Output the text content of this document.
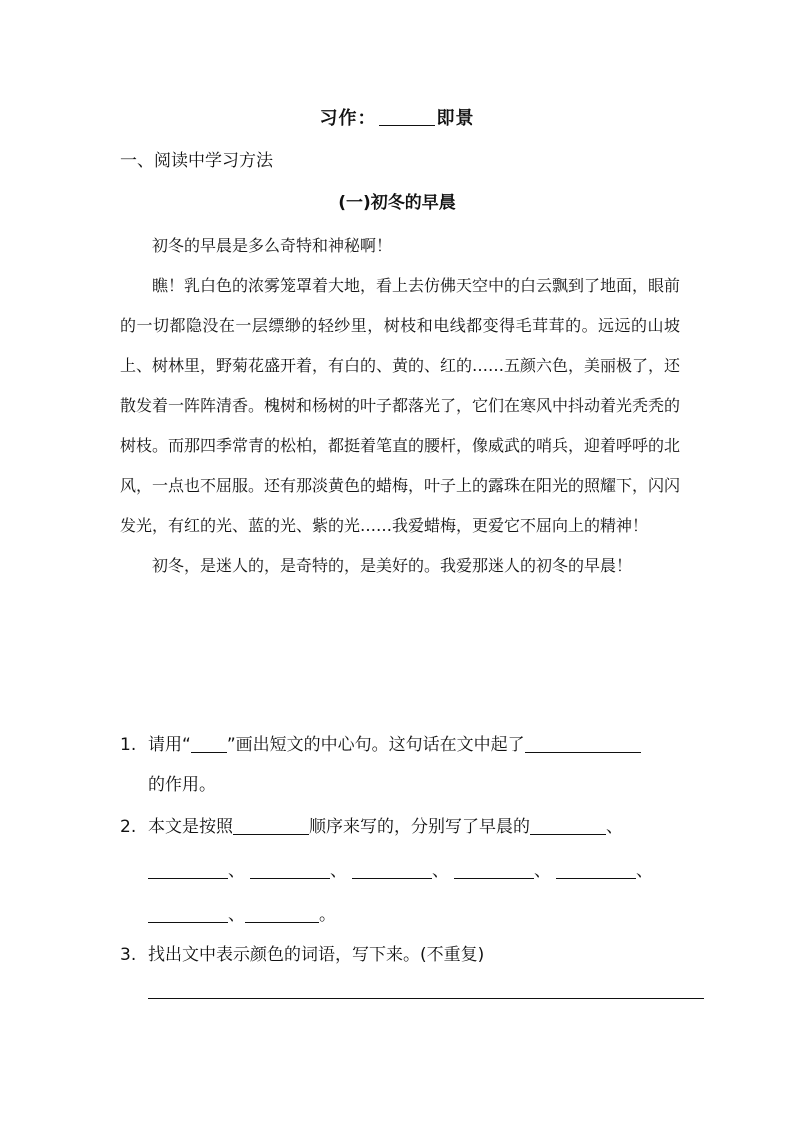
习作：	即景
一、阅读中学习方法
(一)初冬的早晨

初冬的早晨是多么奇特和神秘啊！

瞧！乳白色的浓雾笼罩着大地，看上去仿佛天空中的白云飘到了地面，眼前的一切都隐没在一层缥缈的轻纱里，树枝和电线都变得毛茸茸的。远远的山坡上、树林里，野菊花盛开着，有白的、黄的、红的……五颜六色，美丽极了，还散发着一阵阵清香。槐树和杨树的叶子都落光了，它们在寒风中抖动着光秃秃的树枝。而那四季常青的松柏，都挺着笔直的腰杆，像威武的哨兵，迎着呼呼的北风，一点也不屈服。还有那淡黄色的蜡梅，叶子上的露珠在阳光的照耀下，闪闪发光，有红的光、蓝的光、紫的光……我爱蜡梅，更爱它不屈向上的精神！

初冬，是迷人的，是奇特的，是美好的。我爱那迷人的初冬的早晨！

1. 请用“ ”画出短文的中心句。这句话在文中起了
的作用。
2. 本文是按照	顺序来写的，分别写了早晨的	、
、	、	、	、	、
、	。
3. 找出文中表示颜色的词语，写下来。(不重复)
